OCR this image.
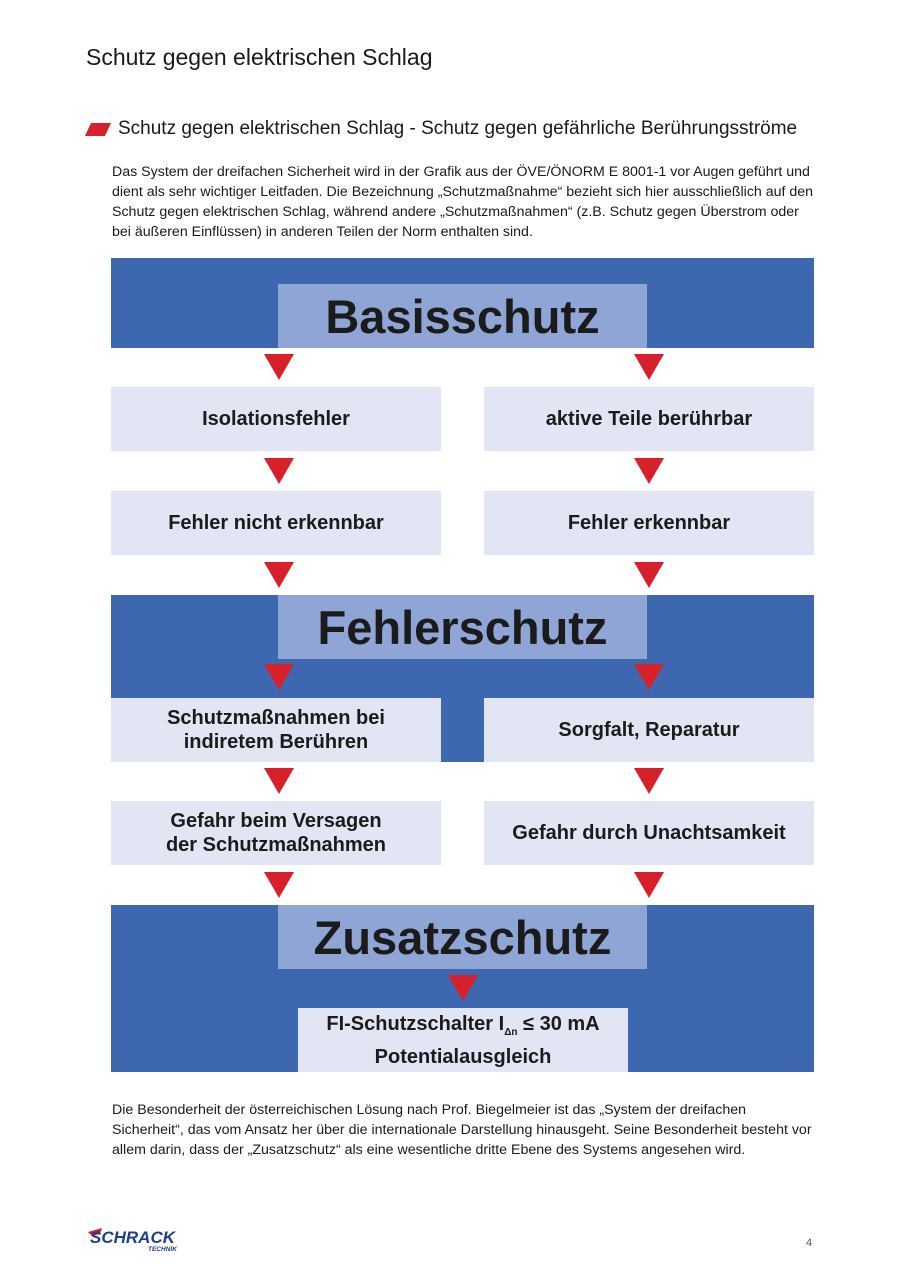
Schutz gegen elektrischen Schlag
Schutz gegen elektrischen Schlag - Schutz gegen gefährliche Berührungsströme
Das System der dreifachen Sicherheit wird in der Grafik aus der ÖVE/ÖNORM E 8001-1 vor Augen geführt und dient als sehr wichtiger Leitfaden. Die Bezeichnung „Schutzmaßnahme“ bezieht sich hier ausschließlich auf den Schutz gegen elektrischen Schlag, während andere „Schutzmaßnahmen“ (z.B. Schutz gegen Überstrom oder bei äußeren Einflüssen) in anderen Teilen der Norm enthalten sind.
Basisschutz
Isolationsfehler	aktive Teile berührbar
Fehler nicht erkennbar	Fehler erkennbar
Fehlerschutz
Schutzmaßnahmen bei
indiretem Berühren
Sorgfalt, Reparatur
Gefahr beim Versagen
der Schutzmaßnahmen
Gefahr durch Unachtsamkeit
Zusatzschutz
FI-Schutzschalter $I_{\Delta n} \le 30$ mA
Potentialausgleich
Die Besonderheit der österreichischen Lösung nach Prof. Biegelmeier ist das „System der dreifachen Sicherheit“, das vom Ansatz her über die internationale Darstellung hinausgeht. Seine Besonderheit besteht vor allem darin, dass der „Zusatzschutz“ als eine wesentliche dritte Ebene des Systems angesehen wird.
SCHRACK
TECHNIK
4
